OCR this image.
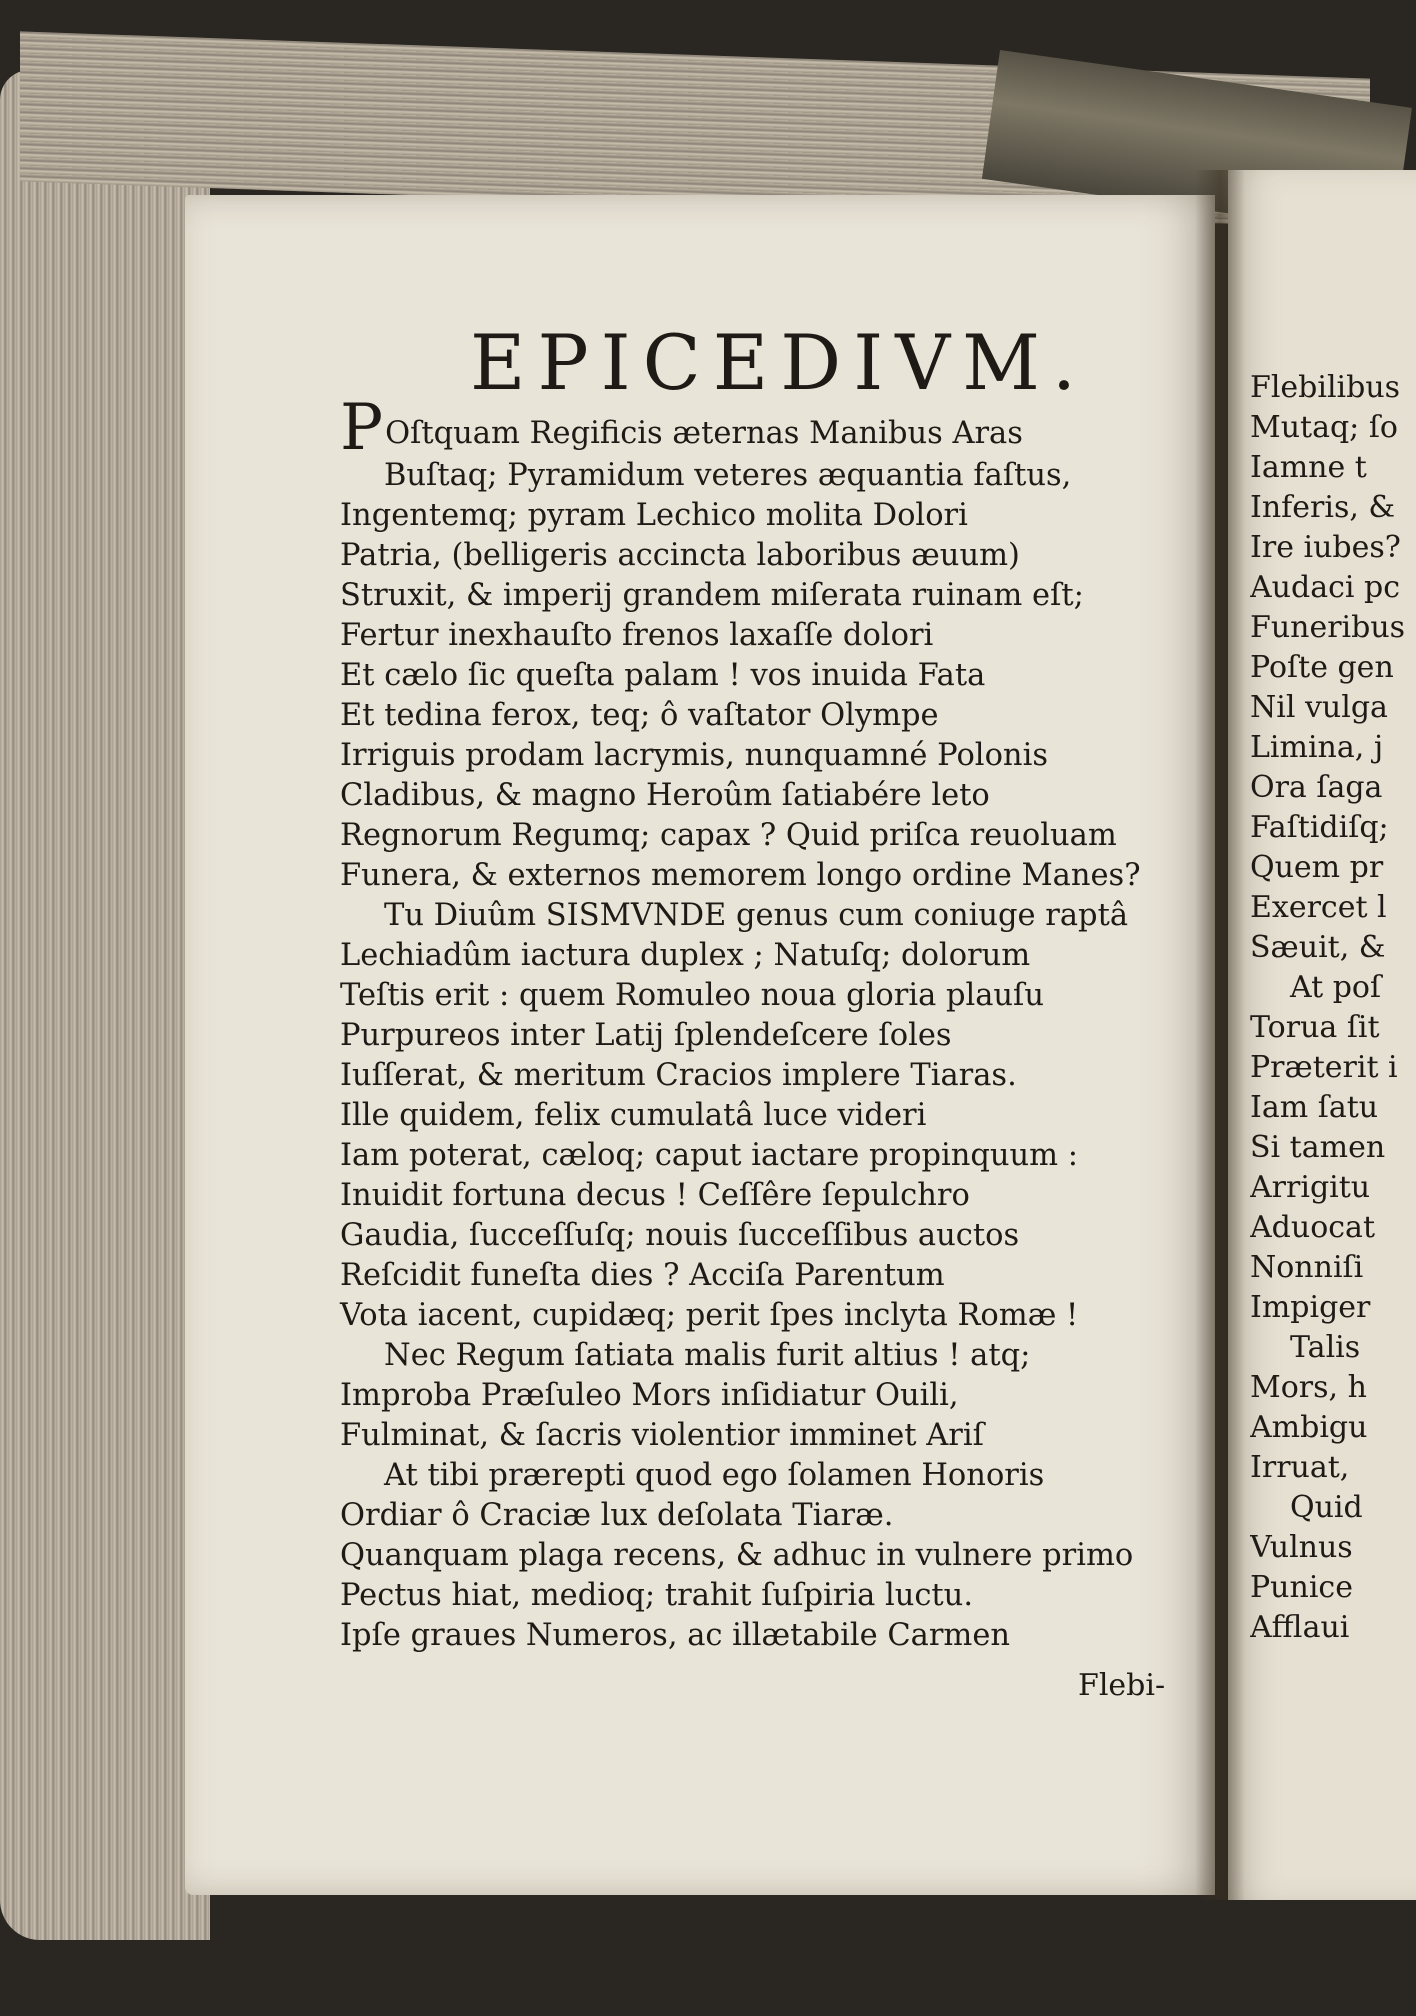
EPICEDIVM.
POſtquam Regificis æternas Manibus Aras
Buſtaq; Pyramidum veteres æquantia faſtus,
Ingentemq; pyram Lechico molita Dolori
Patria, (belligeris accincta laboribus æuum)
Struxit, & imperij grandem miſerata ruinam eſt;
Fertur inexhauſto frenos laxaſſe dolori
Et cælo ſic queſta palam ! vos inuida Fata
Et tedina ferox, teq; ô vaſtator Olympe
Irriguis prodam lacrymis, nunquamné Polonis
Cladibus, & magno Heroûm ſatiabére leto
Regnorum Regumq; capax ? Quid priſca reuoluam
Funera, & externos memorem longo ordine Manes?
Tu Diuûm SISMVNDE genus cum coniuge raptâ
Lechiadûm iactura duplex ; Natuſq; dolorum
Teſtis erit : quem Romuleo noua gloria plauſu
Purpureos inter Latij ſplendeſcere ſoles
Iuſſerat, & meritum Cracios implere Tiaras.
Ille quidem, felix cumulatâ luce videri
Iam poterat, cæloq; caput iactare propinquum :
Inuidit fortuna decus ! Ceſſêre ſepulchro
Gaudia, ſucceſſuſq; nouis ſucceſſibus auctos
Reſcidit funeſta dies ? Acciſa Parentum
Vota iacent, cupidæq; perit ſpes inclyta Romæ !
Nec Regum ſatiata malis furit altius ! atq;
Improba Præſuleo Mors inſidiatur Ouili,
Fulminat, & ſacris violentior imminet Ariſ
At tibi prærepti quod ego ſolamen Honoris
Ordiar ô Craciæ lux deſolata Tiaræ.
Quanquam plaga recens, & adhuc in vulnere primo
Pectus hiat, medioq; trahit ſuſpiria luctu.
Ipſe graues Numeros, ac illætabile Carmen
Flebi-
Flebilibus
Mutaq; ſo
Iamne t
Inferis, &
Ire iubes?
Audaci pc
Funeribus
Poſte gen
Nil vulga
Limina, j
Ora ſaga
Faſtidiſq;
Quem pr
Exercet l
Sæuit, &
At poſ
Torua ſit
Præterit i
Iam ſatu
Si tamen
Arrigitu
Aduocat
Nonniſi
Impiger
Talis
Mors, h
Ambigu
Irruat,
Quid
Vulnus
Punice
Afflaui
